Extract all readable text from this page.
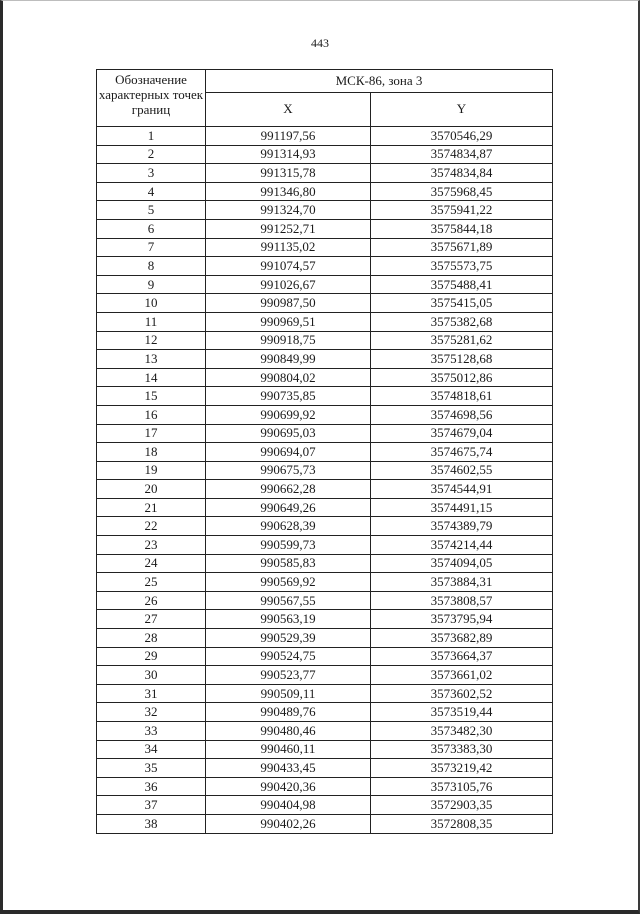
443
Обозначение характерных точек границ	МСК-86, зона 3	
	X	Y
1	991197,56	3570546,29
2	991314,93	3574834,87
3	991315,78	3574834,84
4	991346,80	3575968,45
5	991324,70	3575941,22
6	991252,71	3575844,18
7	991135,02	3575671,89
8	991074,57	3575573,75
9	991026,67	3575488,41
10	990987,50	3575415,05
11	990969,51	3575382,68
12	990918,75	3575281,62
13	990849,99	3575128,68
14	990804,02	3575012,86
15	990735,85	3574818,61
16	990699,92	3574698,56
17	990695,03	3574679,04
18	990694,07	3574675,74
19	990675,73	3574602,55
20	990662,28	3574544,91
21	990649,26	3574491,15
22	990628,39	3574389,79
23	990599,73	3574214,44
24	990585,83	3574094,05
25	990569,92	3573884,31
26	990567,55	3573808,57
27	990563,19	3573795,94
28	990529,39	3573682,89
29	990524,75	3573664,37
30	990523,77	3573661,02
31	990509,11	3573602,52
32	990489,76	3573519,44
33	990480,46	3573482,30
34	990460,11	3573383,30
35	990433,45	3573219,42
36	990420,36	3573105,76
37	990404,98	3572903,35
38	990402,26	3572808,35
